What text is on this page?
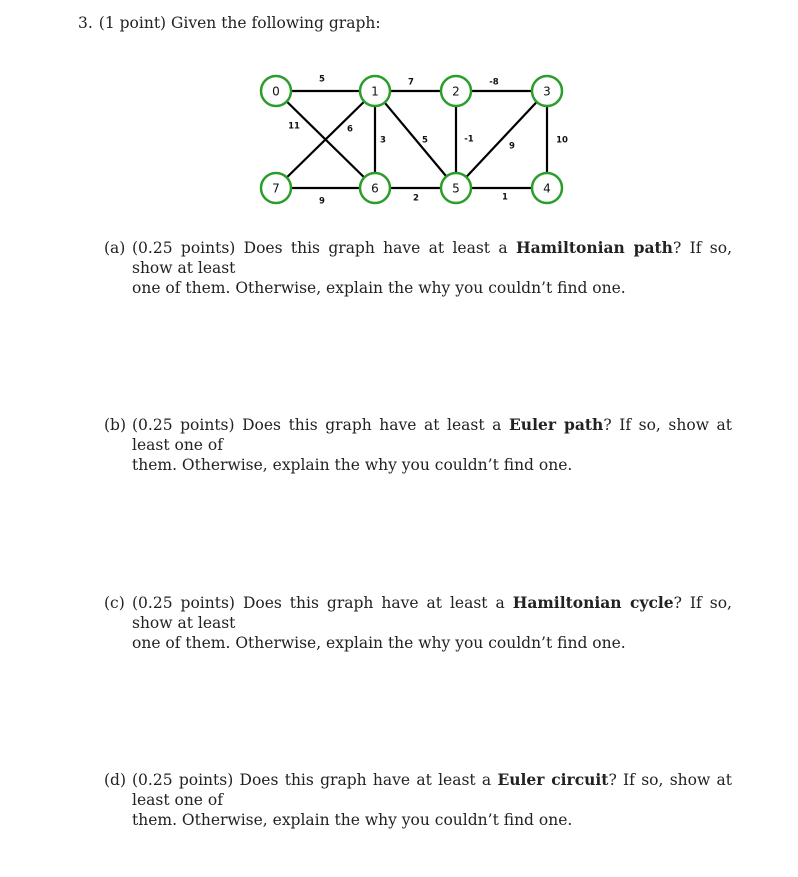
3. (1 point) Given the following graph:
5	7	-8
11	6
3	5	-1
9
10
9	2	1
0	1	2	3
4
5
6
7
(a) (0.25 points) Does this graph have at least a Hamiltonian path? If so, show at least
one of them. Otherwise, explain the why you couldn’t find one.
(b) (0.25 points) Does this graph have at least a Euler path? If so, show at least one of
them. Otherwise, explain the why you couldn’t find one.
(c) (0.25 points) Does this graph have at least a Hamiltonian cycle? If so, show at least
one of them. Otherwise, explain the why you couldn’t find one.
(d) (0.25 points) Does this graph have at least a Euler circuit? If so, show at least one of
them. Otherwise, explain the why you couldn’t find one.
